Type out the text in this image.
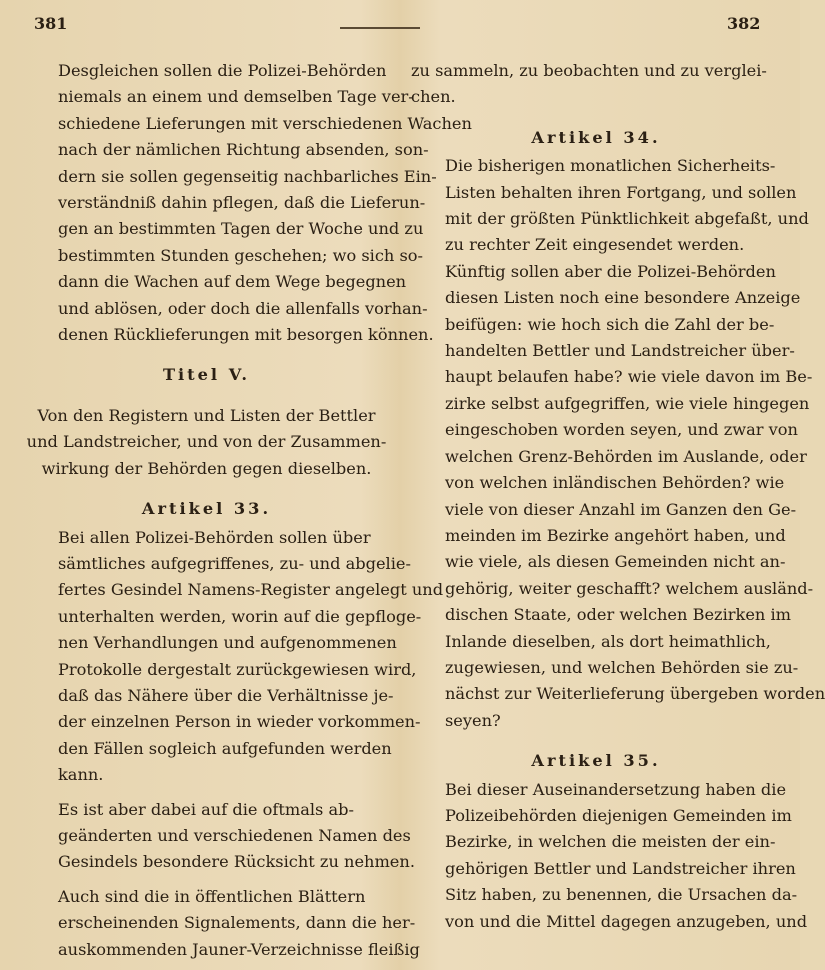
381	382

Desgleichen sollen die Polizei-Behörden
niemals an einem und demselben Tage ver-
schiedene Lieferungen mit verschiedenen Wachen
nach der nämlichen Richtung absenden, son-
dern sie sollen gegenseitig nachbarliches Ein-
verständniß dahin pflegen, daß die Lieferun-
gen an bestimmten Tagen der Woche und zu
bestimmten Stunden geschehen; wo sich so-
dann die Wachen auf dem Wege begegnen
und ablösen, oder doch die allenfalls vorhan-
denen Rücklieferungen mit besorgen können.

Titel V.

Von den Registern und Listen der Bettler
und Landstreicher, und von der Zusammen-
wirkung der Behörden gegen dieselben.

Artikel 33.

Bei allen Polizei-Behörden sollen über
sämtliches aufgegriffenes, zu- und abgelie-
fertes Gesindel Namens-Register angelegt und
unterhalten werden, worin auf die gepfloge-
nen Verhandlungen und aufgenommenen
Protokolle dergestalt zurückgewiesen wird,
daß das Nähere über die Verhältnisse je-
der einzelnen Person in wieder vorkommen-
den Fällen sogleich aufgefunden werden
kann.

Es ist aber dabei auf die oftmals ab-
geänderten und verschiedenen Namen des
Gesindels besondere Rücksicht zu nehmen.

Auch sind die in öffentlichen Blättern
erscheinenden Signalements, dann die her-
auskommenden Jauner-Verzeichnisse fleißig

zu sammeln, zu beobachten und zu verglei-
chen.

Artikel 34.

Die bisherigen monatlichen Sicherheits-
Listen behalten ihren Fortgang, und sollen
mit der größten Pünktlichkeit abgefaßt, und
zu rechter Zeit eingesendet werden.

Künftig sollen aber die Polizei-Behörden
diesen Listen noch eine besondere Anzeige
beifügen: wie hoch sich die Zahl der be-
handelten Bettler und Landstreicher über-
haupt belaufen habe? wie viele davon im Be-
zirke selbst aufgegriffen, wie viele hingegen
eingeschoben worden seyen, und zwar von
welchen Grenz-Behörden im Auslande, oder
von welchen inländischen Behörden? wie
viele von dieser Anzahl im Ganzen den Ge-
meinden im Bezirke angehört haben, und
wie viele, als diesen Gemeinden nicht an-
gehörig, weiter geschafft? welchem ausländ-
dischen Staate, oder welchen Bezirken im
Inlande dieselben, als dort heimathlich,
zugewiesen, und welchen Behörden sie zu-
nächst zur Weiterlieferung übergeben worden
seyen?

Artikel 35.

Bei dieser Auseinandersetzung haben die
Polizeibehörden diejenigen Gemeinden im
Bezirke, in welchen die meisten der ein-
gehörigen Bettler und Landstreicher ihren
Sitz haben, zu benennen, die Ursachen da-
von und die Mittel dagegen anzugeben, und
